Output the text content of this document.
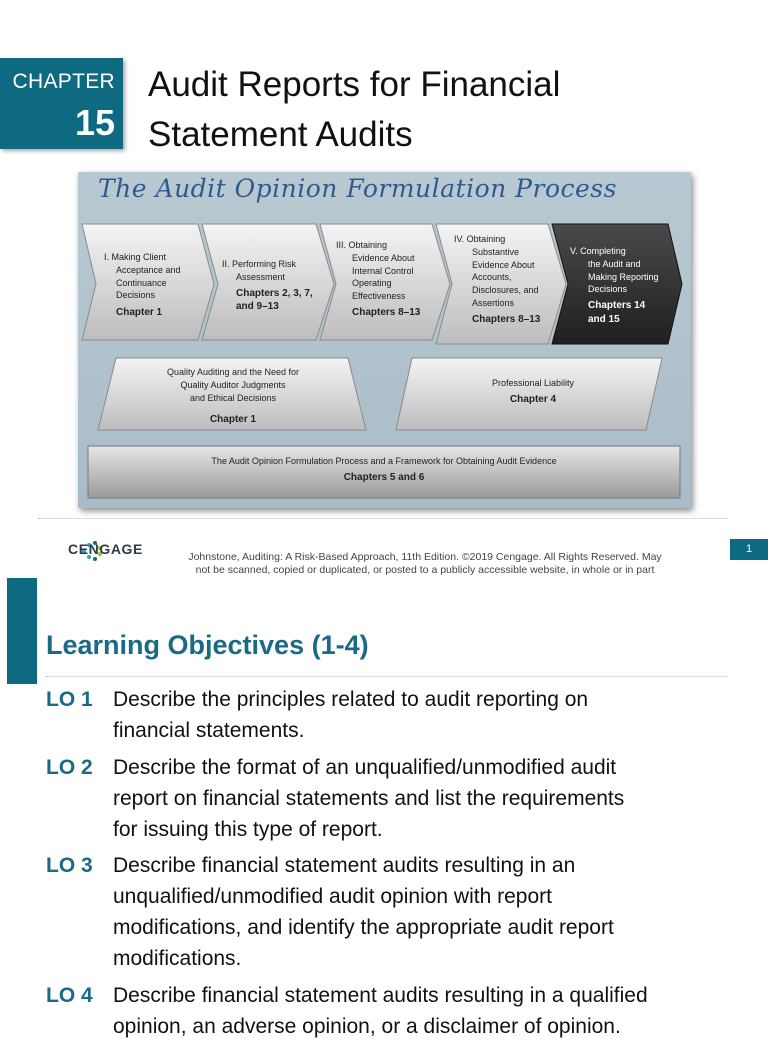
CHAPTER
15
Audit Reports for Financial
Statement Audits
The Audit Opinion Formulation Process
I. Making Client
Acceptance and
Continuance
Decisions
Chapter 1
II. Performing Risk
Assessment
Chapters 2, 3, 7,
and 9–13
III. Obtaining
Evidence About
Internal Control
Operating
Effectiveness
Chapters 8–13
IV. Obtaining
Substantive
Evidence About
Accounts,
Disclosures, and
Assertions
Chapters 8–13
V. Completing
the Audit and
Making Reporting
Decisions
Chapters 14
and 15
Quality Auditing and the Need for
Quality Auditor Judgments
and Ethical Decisions
Chapter 1
Professional Liability
Chapter 4
The Audit Opinion Formulation Process and a Framework for Obtaining Audit Evidence
Chapters 5 and 6
CENGAGE	Johnstone, Auditing: A Risk-Based Approach, 11th Edition. ©2019 Cengage. All Rights Reserved. May
not be scanned, copied or duplicated, or posted to a publicly accessible website, in whole or in part
1
Learning Objectives (1-4)
LO 1 Describe the principles related to audit reporting on
financial statements.
LO 2 Describe the format of an unqualified/unmodified audit
report on financial statements and list the requirements
for issuing this type of report.
LO 3 Describe financial statement audits resulting in an
unqualified/unmodified audit opinion with report
modifications, and identify the appropriate audit report
modifications.
LO 4 Describe financial statement audits resulting in a qualified
opinion, an adverse opinion, or a disclaimer of opinion.
